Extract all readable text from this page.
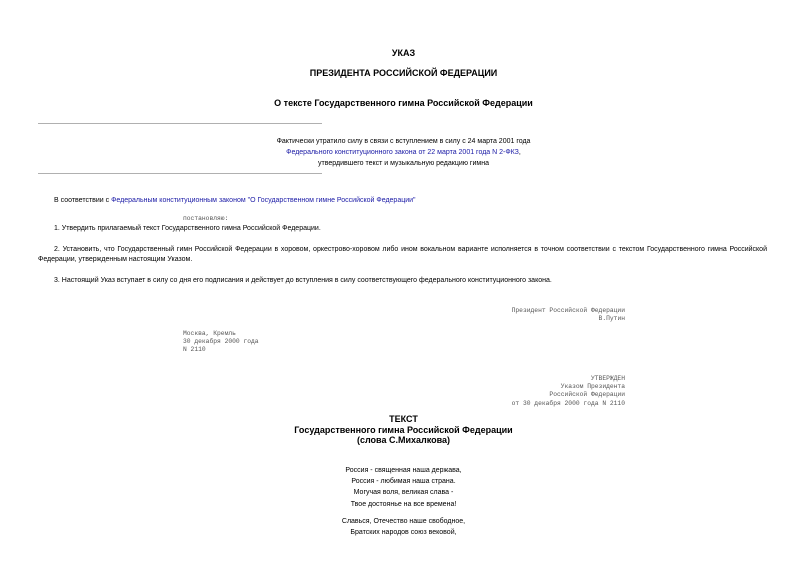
УКАЗ
ПРЕЗИДЕНТА РОССИЙСКОЙ ФЕДЕРАЦИИ
О тексте Государственного гимна Российской Федерации
Фактически утратило силу в связи с вступлением в силу с 24 марта 2001 года
Федерального конституционного закона от 22 марта 2001 года N 2-ФКЗ,
утвердившего текст и музыкальную редакцию гимна
В соответствии с Федеральным конституционным законом "О Государственном гимне Российской Федерации"
постановляю:
1. Утвердить прилагаемый текст Государственного гимна Российской Федерации.
2. Установить, что Государственный гимн Российской Федерации в хоровом, оркестрово-хоровом либо ином вокальном варианте исполняется в точном соответствии с текстом Государственного гимна Российской Федерации, утвержденным настоящим Указом.
3. Настоящий Указ вступает в силу со дня его подписания и действует до вступления в силу соответствующего федерального конституционного закона.
Президент Российской Федерации
В.Путин
Москва, Кремль
30 декабря 2000 года
N 2110
УТВЕРЖДЕН
Указом Президента
Российской Федерации
от 30 декабря 2000 года N 2110
ТЕКСТ
Государственного гимна Российской Федерации
(слова С.Михалкова)
Россия - священная наша держава,
Россия - любимая наша страна.
Могучая воля, великая слава -
Твое достоянье на все времена!
Славься, Отечество наше свободное,
Братских народов союз вековой,
